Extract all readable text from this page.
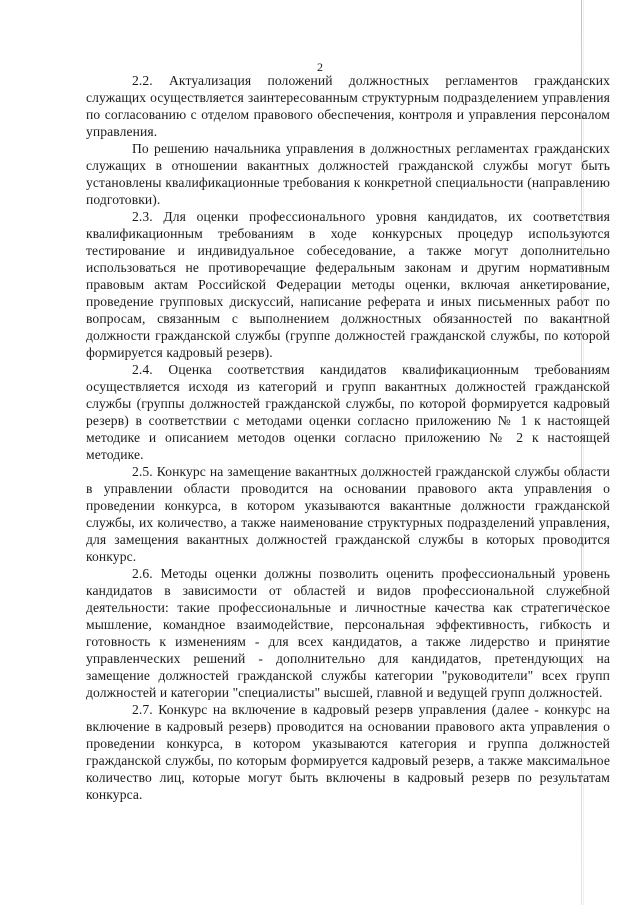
2

2.2. Актуализация положений должностных регламентов гражданских служащих осуществляется заинтересованным структурным подразделением управления по согласованию с отделом правового обеспечения, контроля и управления персоналом управления.

По решению начальника управления в должностных регламентах гражданских служащих в отношении вакантных должностей гражданской службы могут быть установлены квалификационные требования к конкретной специальности (направлению подготовки).

2.3. Для оценки профессионального уровня кандидатов, их соответствия квалификационным требованиям в ходе конкурсных процедур используются тестирование и индивидуальное собеседование, а также могут дополнительно использоваться не противоречащие федеральным законам и другим нормативным правовым актам Российской Федерации методы оценки, включая анкетирование, проведение групповых дискуссий, написание реферата и иных письменных работ по вопросам, связанным с выполнением должностных обязанностей по вакантной должности гражданской службы (группе должностей гражданской службы, по которой формируется кадровый резерв).

2.4. Оценка соответствия кандидатов квалификационным требованиям осуществляется исходя из категорий и групп вакантных должностей гражданской службы (группы должностей гражданской службы, по которой формируется кадровый резерв) в соответствии с методами оценки согласно приложению № 1 к настоящей методике и описанием методов оценки согласно приложению № 2 к настоящей методике.

2.5. Конкурс на замещение вакантных должностей гражданской службы области в управлении области проводится на основании правового акта управления о проведении конкурса, в котором указываются вакантные должности гражданской службы, их количество, а также наименование структурных подразделений управления, для замещения вакантных должностей гражданской службы в которых проводится конкурс.

2.6. Методы оценки должны позволить оценить профессиональный уровень кандидатов в зависимости от областей и видов профессиональной служебной деятельности: такие профессиональные и личностные качества как стратегическое мышление, командное взаимодействие, персональная эффективность, гибкость и готовность к изменениям - для всех кандидатов, а также лидерство и принятие управленческих решений - дополнительно для кандидатов, претендующих на замещение должностей гражданской службы категории "руководители" всех групп должностей и категории "специалисты" высшей, главной и ведущей групп должностей.

2.7. Конкурс на включение в кадровый резерв управления (далее - конкурс на включение в кадровый резерв) проводится на основании правового акта управления о проведении конкурса, в котором указываются категория и группа должностей гражданской службы, по которым формируется кадровый резерв, а также максимальное количество лиц, которые могут быть включены в кадровый резерв по результатам конкурса.
